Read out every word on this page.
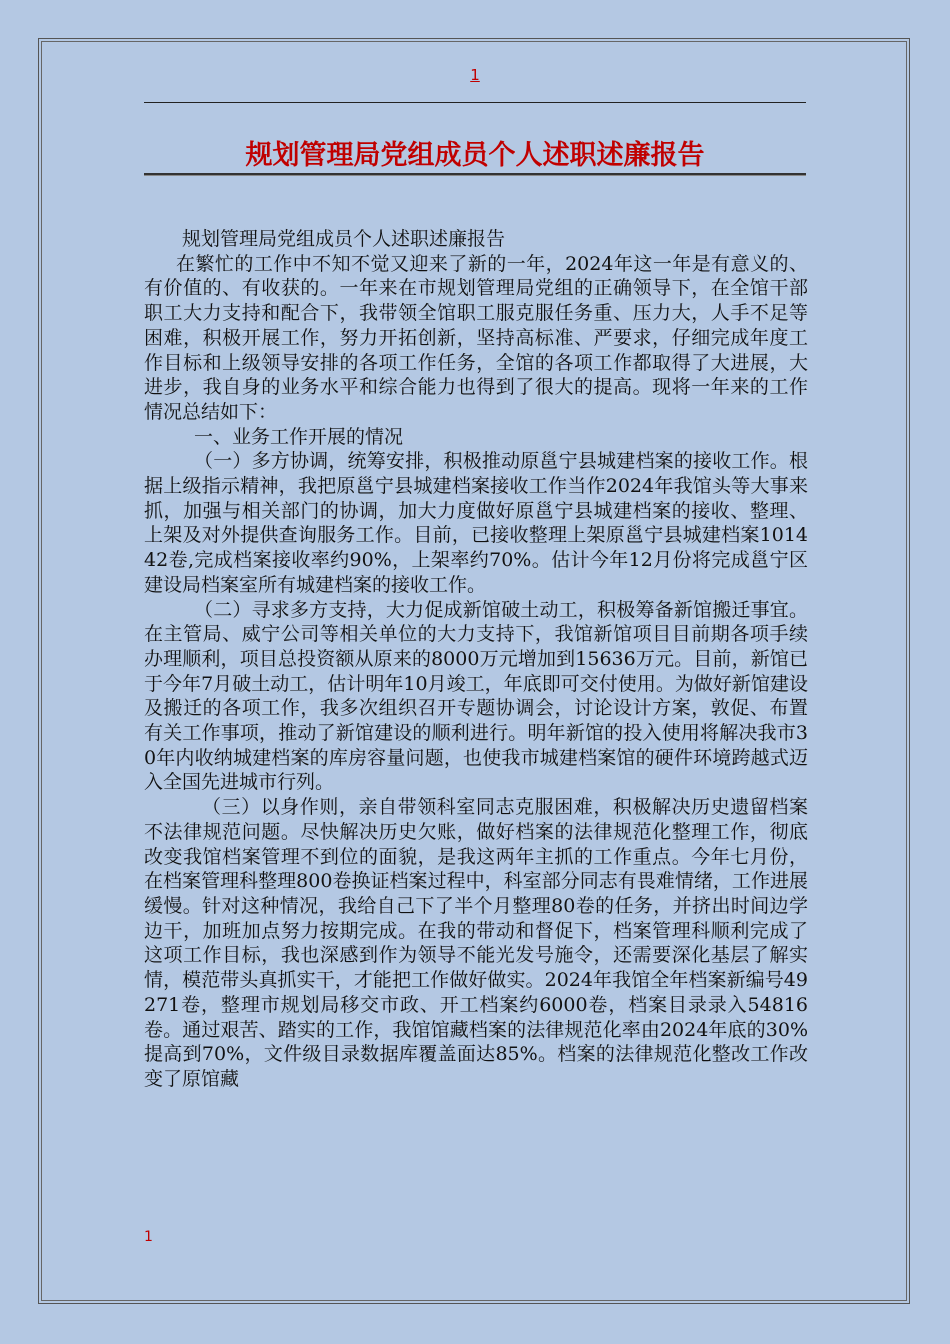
1
规划管理局党组成员个人述职述廉报告

规划管理局党组成员个人述职述廉报告

在繁忙的工作中不知不觉又迎来了新的一年，2024年这一年是有意义的、有价值的、有收获的。一年来在市规划管理局党组的正确领导下，在全馆干部职工大力支持和配合下，我带领全馆职工服克服任务重、压力大，人手不足等困难，积极开展工作，努力开拓创新，坚持高标准、严要求，仔细完成年度工作目标和上级领导安排的各项工作任务，全馆的各项工作都取得了大进展，大进步，我自身的业务水平和综合能力也得到了很大的提高。现将一年来的工作情况总结如下：

一、业务工作开展的情况

（一）多方协调，统筹安排，积极推动原邕宁县城建档案的接收工作。根据上级指示精神，我把原邕宁县城建档案接收工作当作2024年我馆头等大事来抓，加强与相关部门的协调，加大力度做好原邕宁县城建档案的接收、整理、上架及对外提供查询服务工作。目前，已接收整理上架原邕宁县城建档案101442卷,完成档案接收率约90%，上架率约70%。估计今年12月份将完成邕宁区建设局档案室所有城建档案的接收工作。

（二）寻求多方支持，大力促成新馆破土动工，积极筹备新馆搬迁事宜。在主管局、威宁公司等相关单位的大力支持下，我馆新馆项目目前期各项手续办理顺利，项目总投资额从原来的8000万元增加到15636万元。目前，新馆已于今年7月破土动工，估计明年10月竣工，年底即可交付使用。为做好新馆建设及搬迁的各项工作，我多次组织召开专题协调会，讨论设计方案，敦促、布置有关工作事项，推动了新馆建设的顺利进行。明年新馆的投入使用将解决我市30年内收纳城建档案的库房容量问题，也使我市城建档案馆的硬件环境跨越式迈入全国先进城市行列。

（三）以身作则，亲自带领科室同志克服困难，积极解决历史遗留档案不法律规范问题。尽快解决历史欠账，做好档案的法律规范化整理工作，彻底改变我馆档案管理不到位的面貌，是我这两年主抓的工作重点。今年七月份，在档案管理科整理800卷换证档案过程中，科室部分同志有畏难情绪，工作进展缓慢。针对这种情况，我给自己下了半个月整理80卷的任务，并挤出时间边学边干，加班加点努力按期完成。在我的带动和督促下，档案管理科顺利完成了这项工作目标，我也深感到作为领导不能光发号施令，还需要深化基层了解实情，模范带头真抓实干，才能把工作做好做实。2024年我馆全年档案新编号49271卷，整理市规划局移交市政、开工档案约6000卷，档案目录录入54816卷。通过艰苦、踏实的工作，我馆馆藏档案的法律规范化率由2024年底的30%提高到70%，文件级目录数据库覆盖面达85%。档案的法律规范化整改工作改变了原馆藏

1
